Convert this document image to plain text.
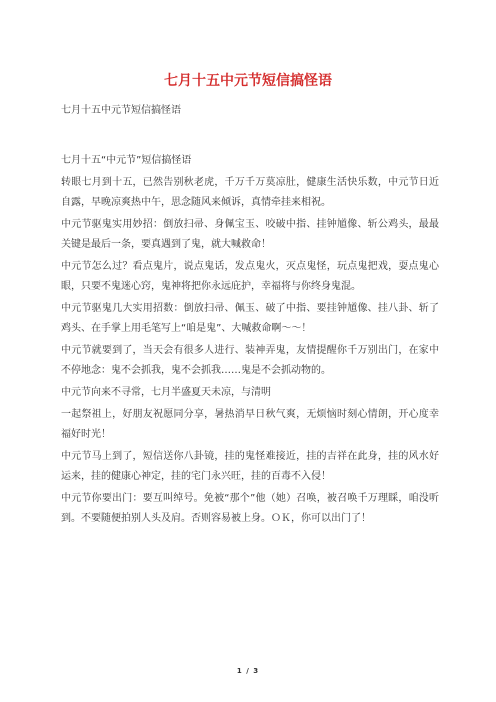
七月十五中元节短信搞怪语
七月十五中元节短信搞怪语

七月十五“中元节”短信搞怪语

转眼七月到十五，已然告别秋老虎，千万千万莫凉肚，健康生活快乐数，中元节日近自露，早晚凉爽热中午，思念随风来倾诉，真情牵挂来相祝。

中元节驱鬼实用妙招：倒放扫帚、身佩宝玉、咬破中指、挂钟馗像、斩公鸡头，最最关键是最后一条，要真遇到了鬼，就大喊救命！

中元节怎么过？看点鬼片，说点鬼话，发点鬼火，灭点鬼怪，玩点鬼把戏，耍点鬼心眼，只要不鬼迷心窍，鬼神将把你永远庇护，幸福将与你终身鬼混。

中元节驱鬼几大实用招数：倒放扫帚、佩玉、破了中指、要挂钟馗像、挂八卦、斩了鸡头、在手掌上用毛笔写上“咱是鬼”、大喊救命啊～～！

中元节就要到了，当天会有很多人进行、装神弄鬼，友情提醒你千万别出门，在家中不停地念：鬼不会抓我，鬼不会抓我……鬼是不会抓动物的。

中元节向来不寻常，七月半盛夏天未凉，与清明

一起祭祖上，好朋友祝愿同分享，暑热消早日秋气爽，无烦恼时刻心情朗，开心度幸福好时光！

中元节马上到了，短信送你八卦镜，挂的鬼怪难接近，挂的吉祥在此身，挂的风水好运来，挂的健康心神定，挂的宅门永兴旺，挂的百毒不入侵！

中元节你要出门：要互叫绰号。免被“那个”他（她）召唤，被召唤千万理睬，咱没听到。不要随便拍别人头及肩。否则容易被上身。ＯＫ，你可以出门了！

1 / 3
